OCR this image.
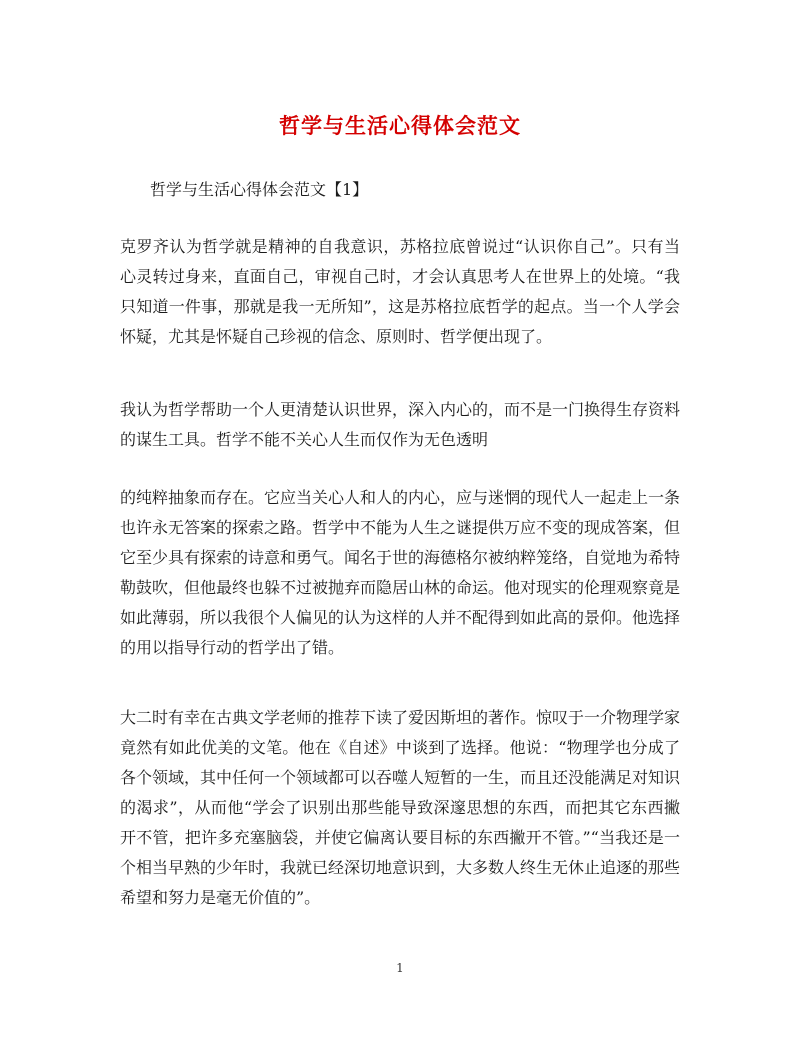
哲学与生活心得体会范文
哲学与生活心得体会范文【1】

克罗齐认为哲学就是精神的自我意识，苏格拉底曾说过“认识你自己”。只有当心灵转过身来，直面自己，审视自己时，才会认真思考人在世界上的处境。“我只知道一件事，那就是我一无所知”，这是苏格拉底哲学的起点。当一个人学会怀疑，尤其是怀疑自己珍视的信念、原则时、哲学便出现了。

我认为哲学帮助一个人更清楚认识世界，深入内心的，而不是一门换得生存资料的谋生工具。哲学不能不关心人生而仅作为无色透明

的纯粹抽象而存在。它应当关心人和人的内心，应与迷惘的现代人一起走上一条也许永无答案的探索之路。哲学中不能为人生之谜提供万应不变的现成答案，但它至少具有探索的诗意和勇气。闻名于世的海德格尔被纳粹笼络，自觉地为希特勒鼓吹，但他最终也躲不过被抛弃而隐居山林的命运。他对现实的伦理观察竟是如此薄弱，所以我很个人偏见的认为这样的人并不配得到如此高的景仰。他选择的用以指导行动的哲学出了错。

大二时有幸在古典文学老师的推荐下读了爱因斯坦的著作。惊叹于一介物理学家竟然有如此优美的文笔。他在《自述》中谈到了选择。他说：“物理学也分成了各个领域，其中任何一个领域都可以吞噬人短暂的一生，而且还没能满足对知识的渴求”，从而他“学会了识别出那些能导致深邃思想的东西，而把其它东西撇开不管，把许多充塞脑袋，并使它偏离认要目标的东西撇开不管。”“当我还是一个相当早熟的少年时，我就已经深切地意识到，大多数人终生无休止追逐的那些希望和努力是毫无价值的”。

1
